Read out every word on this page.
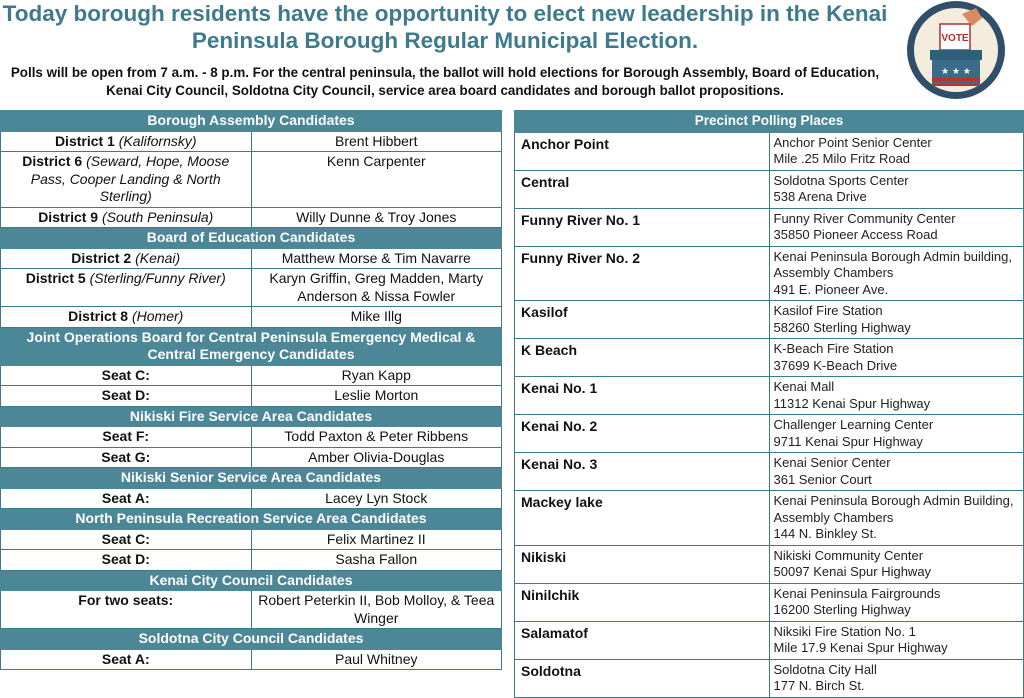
Today borough residents have the opportunity to elect new leadership in the Kenai Peninsula Borough Regular Municipal Election.
Polls will be open from 7 a.m. - 8 p.m. For the central peninsula, the ballot will hold elections for Borough Assembly, Board of Education, Kenai City Council, Soldotna City Council, service area board candidates and borough ballot propositions.
VOTE
★ ★ ★
Borough Assembly Candidates	
District 1 (Kalifornsky)	Brent Hibbert
District 6 (Seward, Hope, Moose Pass, Cooper Landing & North Sterling)	Kenn Carpenter
District 9 (South Peninsula)	Willy Dunne & Troy Jones
Board of Education Candidates	
District 2 (Kenai)	Matthew Morse & Tim Navarre
District 5 (Sterling/Funny River)	Karyn Griffin, Greg Madden, Marty Anderson & Nissa Fowler
District 8 (Homer)	Mike Illg
Joint Operations Board for Central Peninsula Emergency Medical & Central Emergency Candidates	
Seat C:	Ryan Kapp
Seat D:	Leslie Morton
Nikiski Fire Service Area Candidates	
Seat F:	Todd Paxton & Peter Ribbens
Seat G:	Amber Olivia-Douglas
Nikiski Senior Service Area Candidates	
Seat A:	Lacey Lyn Stock
North Peninsula Recreation Service Area Candidates	
Seat C:	Felix Martinez II
Seat D:	Sasha Fallon
Kenai City Council Candidates	
For two seats:	Robert Peterkin II, Bob Molloy, & Teea Winger
Soldotna City Council Candidates	
Seat A:	Paul Whitney
Precinct Polling Places	
Anchor Point	Anchor Point Senior Center
Mile .25 Milo Fritz Road

Central	Soldotna Sports Center
538 Arena Drive

Funny River No. 1	Funny River Community Center
35850 Pioneer Access Road

Funny River No. 2	Kenai Peninsula Borough Admin building, Assembly Chambers
491 E. Pioneer Ave.

Kasilof	Kasilof Fire Station
58260 Sterling Highway

K Beach	K-Beach Fire Station
37699 K-Beach Drive

Kenai No. 1	Kenai Mall
11312 Kenai Spur Highway

Kenai No. 2	Challenger Learning Center
9711 Kenai Spur Highway

Kenai No. 3	Kenai Senior Center
361 Senior Court

Mackey lake	Kenai Peninsula Borough Admin Building, Assembly Chambers
144 N. Binkley St.

Nikiski	Nikiski Community Center
50097 Kenai Spur Highway

Ninilchik	Kenai Peninsula Fairgrounds
16200 Sterling Highway

Salamatof	Niksiki Fire Station No. 1
Mile 17.9 Kenai Spur Highway

Soldotna	Soldotna City Hall
177 N. Birch St.
